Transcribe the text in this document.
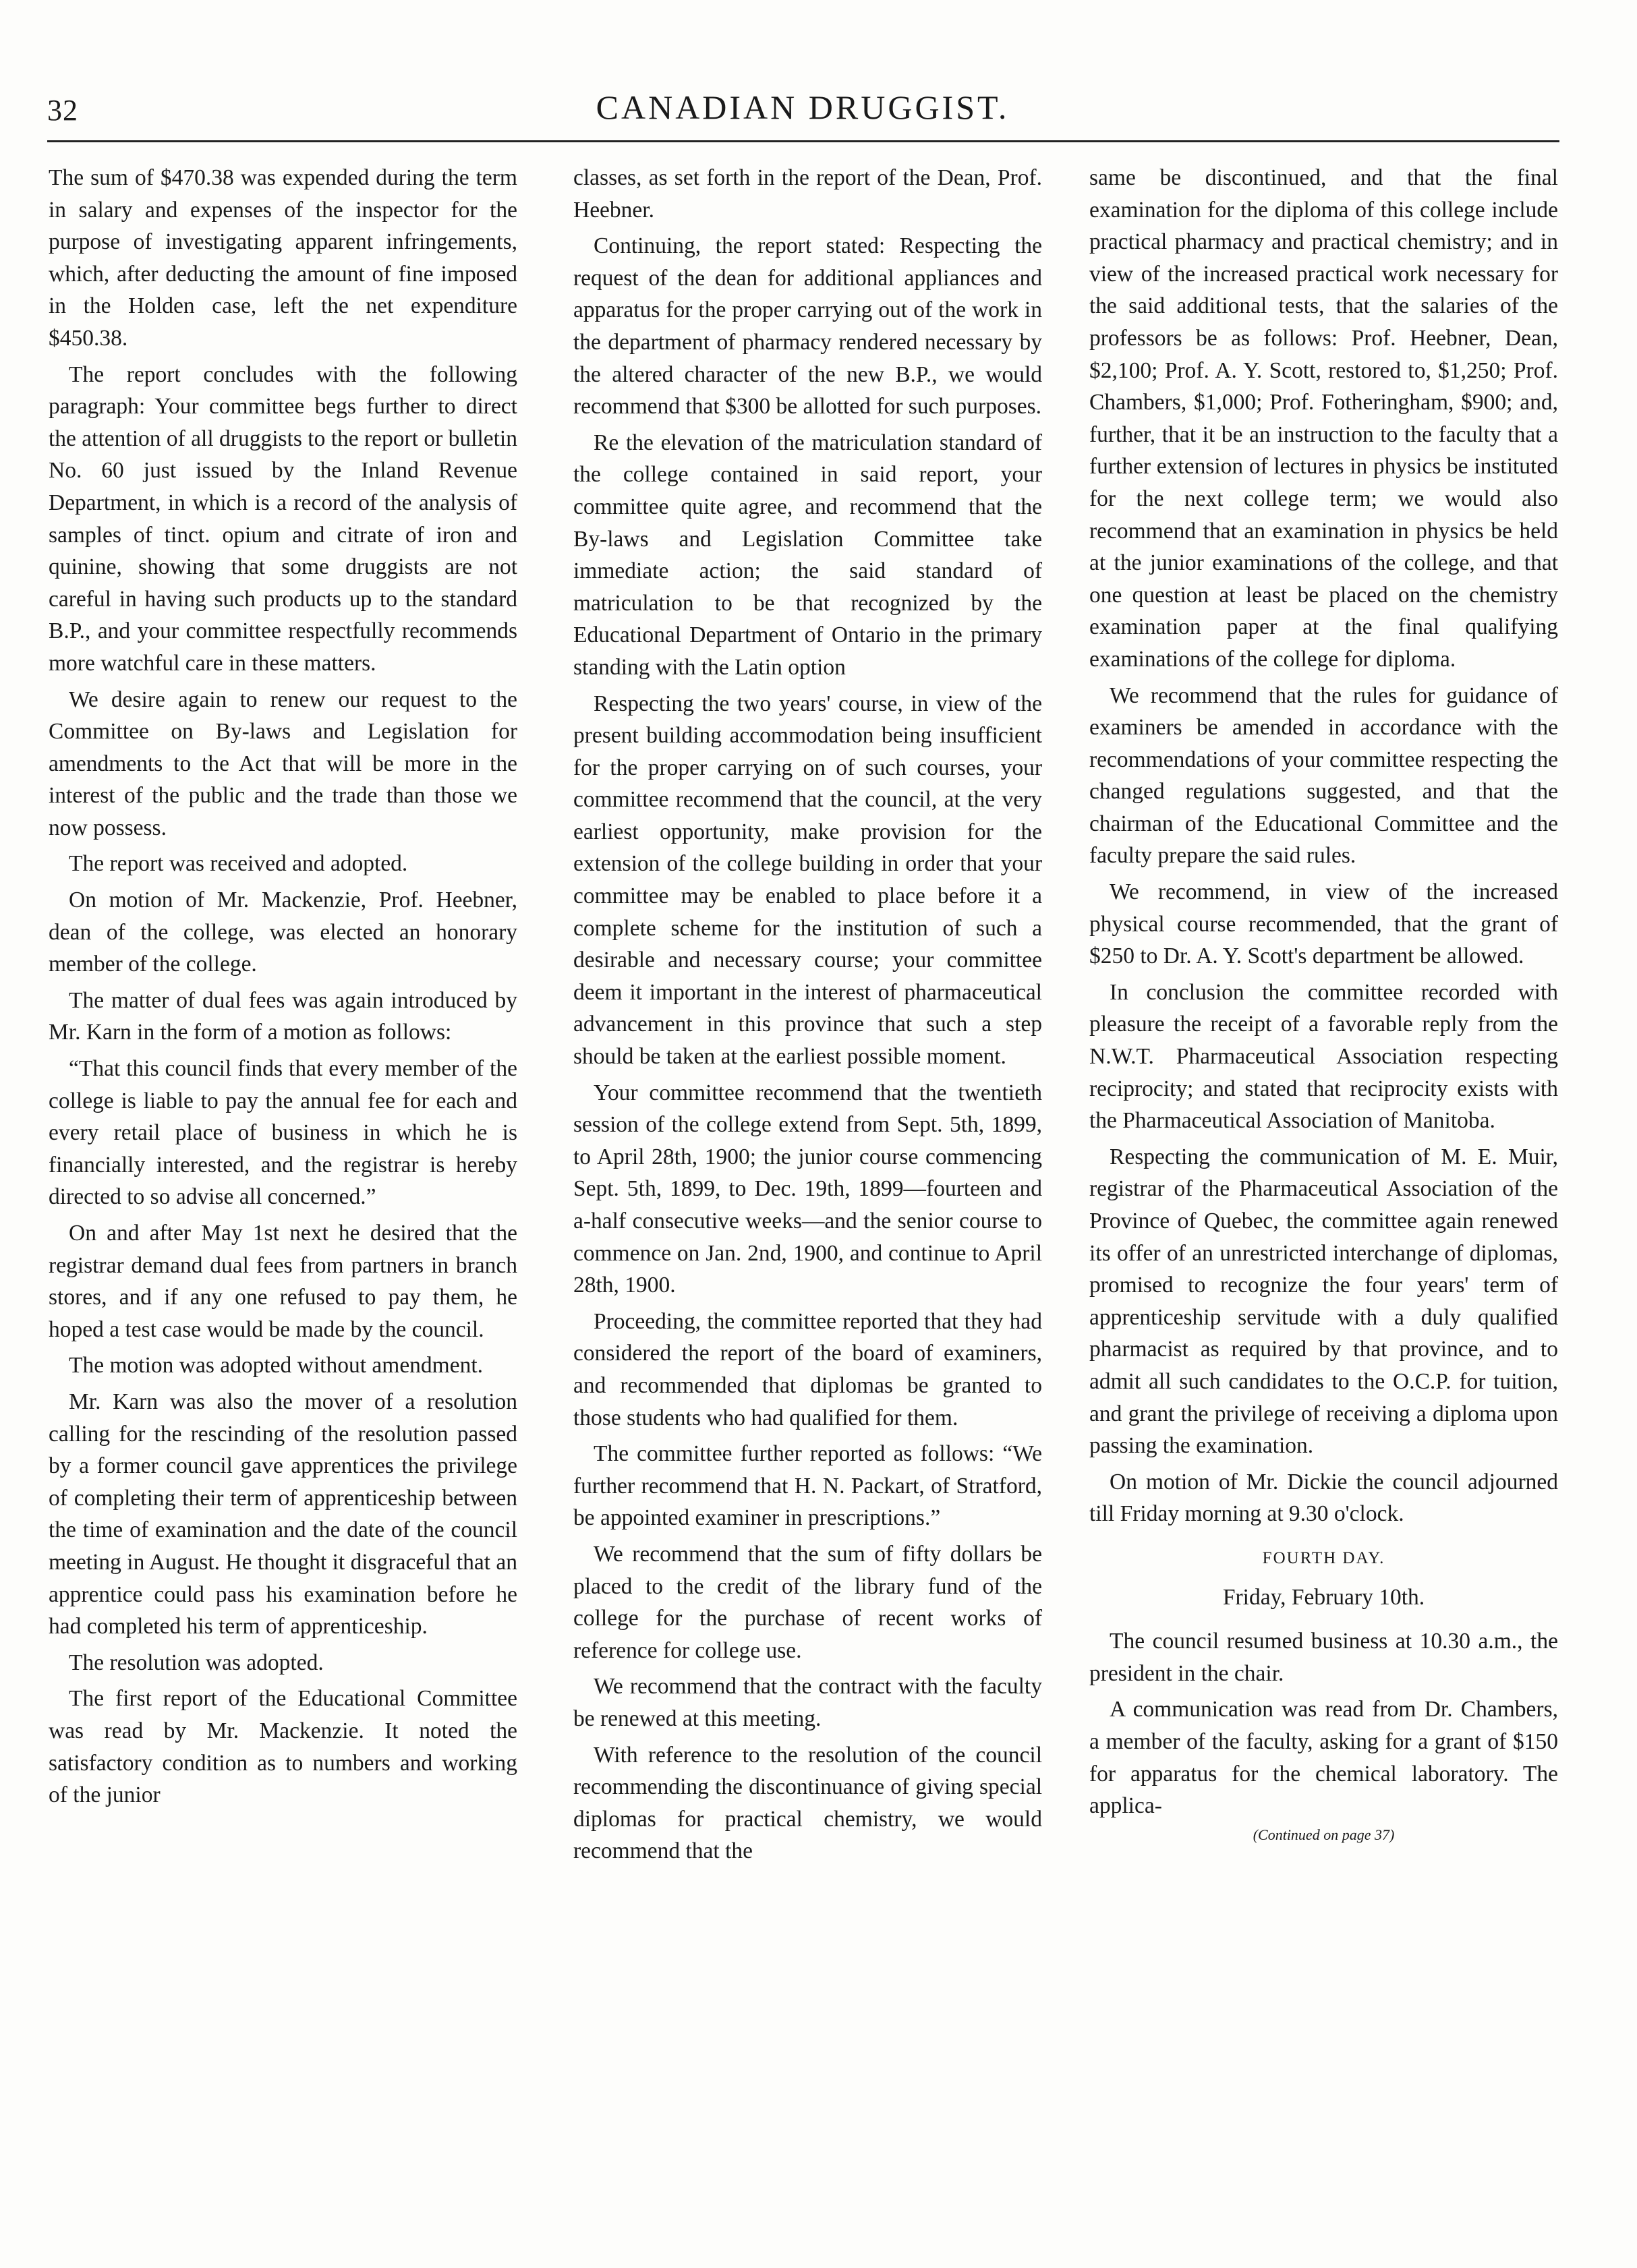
32	CANADIAN DRUGGIST.

The sum of $470.38 was expended during the term in salary and expenses of the inspector for the purpose of investigating apparent infringements, which, after deducting the amount of fine imposed in the Holden case, left the net expenditure $450.38.

The report concludes with the following paragraph: Your committee begs further to direct the attention of all druggists to the report or bulletin No. 60 just issued by the Inland Revenue Department, in which is a record of the analysis of samples of tinct. opium and citrate of iron and quinine, showing that some druggists are not careful in having such products up to the standard B.P., and your committee respectfully recommends more watchful care in these matters.

We desire again to renew our request to the Committee on By-laws and Legislation for amendments to the Act that will be more in the interest of the public and the trade than those we now possess.

The report was received and adopted.

On motion of Mr. Mackenzie, Prof. Heebner, dean of the college, was elected an honorary member of the college.

The matter of dual fees was again introduced by Mr. Karn in the form of a motion as follows:

“That this council finds that every member of the college is liable to pay the annual fee for each and every retail place of business in which he is financially interested, and the registrar is hereby directed to so advise all concerned.”

On and after May 1st next he desired that the registrar demand dual fees from partners in branch stores, and if any one refused to pay them, he hoped a test case would be made by the council.

The motion was adopted without amendment.

Mr. Karn was also the mover of a resolution calling for the rescinding of the resolution passed by a former council gave apprentices the privilege of completing their term of apprenticeship between the time of examination and the date of the council meeting in August. He thought it disgraceful that an apprentice could pass his examination before he had completed his term of apprenticeship.

The resolution was adopted.

The first report of the Educational Committee was read by Mr. Mackenzie. It noted the satisfactory condition as to numbers and working of the junior

classes, as set forth in the report of the Dean, Prof. Heebner.

Continuing, the report stated: Respecting the request of the dean for additional appliances and apparatus for the proper carrying out of the work in the department of pharmacy rendered necessary by the altered character of the new B.P., we would recommend that $300 be allotted for such purposes.

Re the elevation of the matriculation standard of the college contained in said report, your committee quite agree, and recommend that the By-laws and Legislation Committee take immediate action; the said standard of matriculation to be that recognized by the Educational Department of Ontario in the primary standing with the Latin option

Respecting the two years' course, in view of the present building accommodation being insufficient for the proper carrying on of such courses, your committee recommend that the council, at the very earliest opportunity, make provision for the extension of the college building in order that your committee may be enabled to place before it a complete scheme for the institution of such a desirable and necessary course; your committee deem it important in the interest of pharmaceutical advancement in this province that such a step should be taken at the earliest possible moment.

Your committee recommend that the twentieth session of the college extend from Sept. 5th, 1899, to April 28th, 1900; the junior course commencing Sept. 5th, 1899, to Dec. 19th, 1899—fourteen and a-half consecutive weeks—and the senior course to commence on Jan. 2nd, 1900, and continue to April 28th, 1900.

Proceeding, the committee reported that they had considered the report of the board of examiners, and recommended that diplomas be granted to those students who had qualified for them.

The committee further reported as follows: “We further recommend that H. N. Packart, of Stratford, be appointed examiner in prescriptions.”

We recommend that the sum of fifty dollars be placed to the credit of the library fund of the college for the purchase of recent works of reference for college use.

We recommend that the contract with the faculty be renewed at this meeting.

With reference to the resolution of the council recommending the discontinuance of giving special diplomas for practical chemistry, we would recommend that the

same be discontinued, and that the final examination for the diploma of this college include practical pharmacy and practical chemistry; and in view of the increased practical work necessary for the said additional tests, that the salaries of the professors be as follows: Prof. Heebner, Dean, $2,100; Prof. A. Y. Scott, restored to, $1,250; Prof. Chambers, $1,000; Prof. Fotheringham, $900; and, further, that it be an instruction to the faculty that a further extension of lectures in physics be instituted for the next college term; we would also recommend that an examination in physics be held at the junior examinations of the college, and that one question at least be placed on the chemistry examination paper at the final qualifying examinations of the college for diploma.

We recommend that the rules for guidance of examiners be amended in accordance with the recommendations of your committee respecting the changed regulations suggested, and that the chairman of the Educational Committee and the faculty prepare the said rules.

We recommend, in view of the increased physical course recommended, that the grant of $250 to Dr. A. Y. Scott's department be allowed.

In conclusion the committee recorded with pleasure the receipt of a favorable reply from the N.W.T. Pharmaceutical Association respecting reciprocity; and stated that reciprocity exists with the Pharmaceutical Association of Manitoba.

Respecting the communication of M. E. Muir, registrar of the Pharmaceutical Association of the Province of Quebec, the committee again renewed its offer of an unrestricted interchange of diplomas, promised to recognize the four years' term of apprenticeship servitude with a duly qualified pharmacist as required by that province, and to admit all such candidates to the O.C.P. for tuition, and grant the privilege of receiving a diploma upon passing the examination.

On motion of Mr. Dickie the council adjourned till Friday morning at 9.30 o'clock.

FOURTH DAY.
Friday, February 10th.

The council resumed business at 10.30 a.m., the president in the chair.

A communication was read from Dr. Chambers, a member of the faculty, asking for a grant of $150 for apparatus for the chemical laboratory. The applica-

(Continued on page 37)
